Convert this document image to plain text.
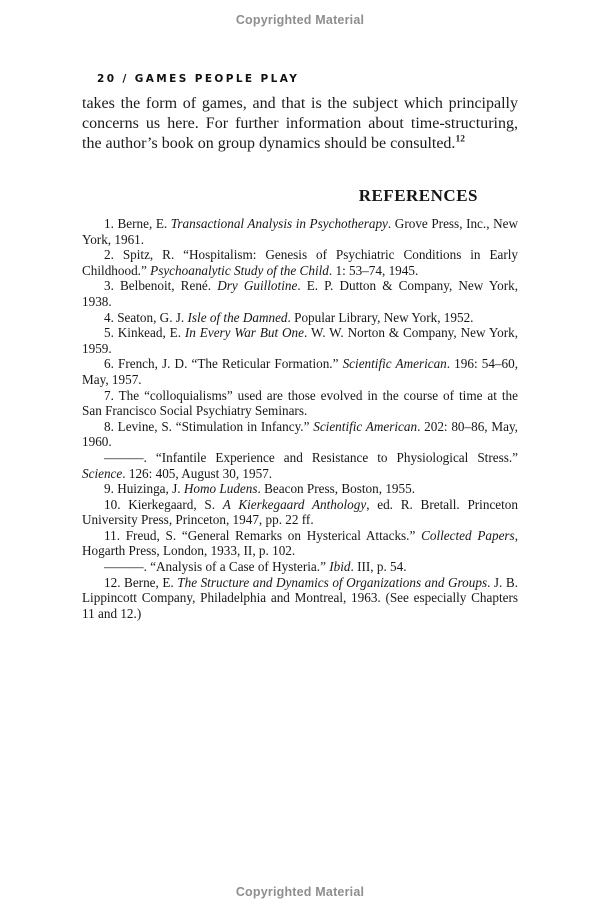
Copyrighted Material
20 / GAMES PEOPLE PLAY

takes the form of games, and that is the subject which principally concerns us here. For further information about time-structuring, the author’s book on group dynamics should be consulted.$^{12}$

REFERENCES

1. Berne, E. Transactional Analysis in Psychotherapy. Grove Press, Inc., New York, 1961.

2. Spitz, R. “Hospitalism: Genesis of Psychiatric Conditions in Early Childhood.” Psychoanalytic Study of the Child. 1: 53–74, 1945.

3. Belbenoit, René. Dry Guillotine. E. P. Dutton & Company, New York, 1938.

4. Seaton, G. J. Isle of the Damned. Popular Library, New York, 1952.

5. Kinkead, E. In Every War But One. W. W. Norton & Company, New York, 1959.

6. French, J. D. “The Reticular Formation.” Scientific American. 196: 54–60, May, 1957.

7. The “colloquialisms” used are those evolved in the course of time at the San Francisco Social Psychiatry Seminars.

8. Levine, S. “Stimulation in Infancy.” Scientific American. 202: 80–86, May, 1960.

———. “Infantile Experience and Resistance to Physiological Stress.” Science. 126: 405, August 30, 1957.

9. Huizinga, J. Homo Ludens. Beacon Press, Boston, 1955.

10. Kierkegaard, S. A Kierkegaard Anthology, ed. R. Bretall. Princeton University Press, Princeton, 1947, pp. 22 ff.

11. Freud, S. “General Remarks on Hysterical Attacks.” Collected Papers, Hogarth Press, London, 1933, II, p. 102.

———. “Analysis of a Case of Hysteria.” Ibid. III, p. 54.

12. Berne, E. The Structure and Dynamics of Organizations and Groups. J. B. Lippincott Company, Philadelphia and Montreal, 1963. (See especially Chapters 11 and 12.)

Copyrighted Material
